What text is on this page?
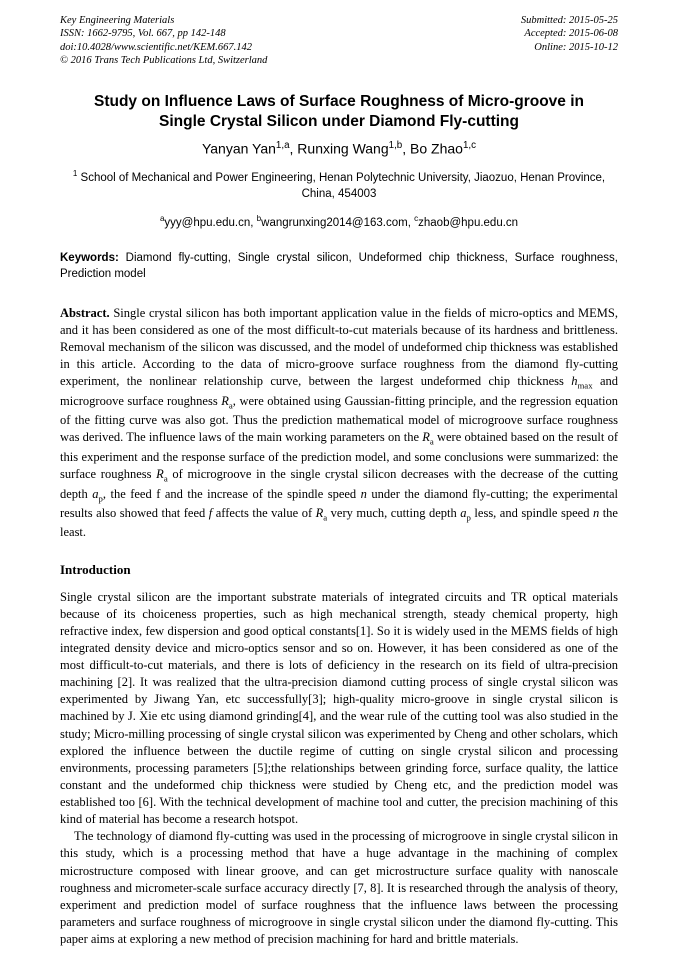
Key Engineering Materials
ISSN: 1662-9795, Vol. 667, pp 142-148
doi:10.4028/www.scientific.net/KEM.667.142
© 2016 Trans Tech Publications Ltd, Switzerland
Submitted: 2015-05-25
Accepted: 2015-06-08
Online: 2015-10-12
Study on Influence Laws of Surface Roughness of Micro-groove in
Single Crystal Silicon under Diamond Fly-cutting
Yanyan Yan$^{1,a}$, Runxing Wang$^{1,b}$, Bo Zhao$^{1,c}$
$^1$ School of Mechanical and Power Engineering, Henan Polytechnic University, Jiaozuo, Henan Province, China, 454003
$^a$yyy@hpu.edu.cn, $^b$wangrunxing2014@163.com, $^c$zhaob@hpu.edu.cn

Keywords: Diamond fly-cutting, Single crystal silicon, Undeformed chip thickness, Surface roughness, Prediction model

Abstract. Single crystal silicon has both important application value in the fields of micro-optics and MEMS, and it has been considered as one of the most difficult-to-cut materials because of its hardness and brittleness. Removal mechanism of the silicon was discussed, and the model of undeformed chip thickness was established in this article. According to the data of micro-groove surface roughness from the diamond fly-cutting experiment, the nonlinear relationship curve, between the largest undeformed chip thickness $h_{max}$ and microgroove surface roughness $R_a$, were obtained using Gaussian-fitting principle, and the regression equation of the fitting curve was also got. Thus the prediction mathematical model of microgroove surface roughness was derived. The influence laws of the main working parameters on the $R_a$ were obtained based on the result of this experiment and the response surface of the prediction model, and some conclusions were summarized: the surface roughness $R_a$ of microgroove in the single crystal silicon decreases with the decrease of the cutting depth $a_p$, the feed f and the increase of the spindle speed n under the diamond fly-cutting; the experimental results also showed that feed f affects the value of $R_a$ very much, cutting depth $a_p$ less, and spindle speed n the least.

Introduction

Single crystal silicon are the important substrate materials of integrated circuits and TR optical materials because of its choiceness properties, such as high mechanical strength, steady chemical property, high refractive index, few dispersion and good optical constants[1]. So it is widely used in the MEMS fields of high integrated density device and micro-optics sensor and so on. However, it has been considered as one of the most difficult-to-cut materials, and there is lots of deficiency in the research on its field of ultra-precision machining [2]. It was realized that the ultra-precision diamond cutting process of single crystal silicon was experimented by Jiwang Yan, etc successfully[3]; high-quality micro-groove in single crystal silicon is machined by J. Xie etc using diamond grinding[4], and the wear rule of the cutting tool was also studied in the study; Micro-milling processing of single crystal silicon was experimented by Cheng and other scholars, which explored the influence between the ductile regime of cutting on single crystal silicon and processing environments, processing parameters [5];the relationships between grinding force, surface quality, the lattice constant and the undeformed chip thickness were studied by Cheng etc, and the prediction model was established too [6]. With the technical development of machine tool and cutter, the precision machining of this kind of material has become a research hotspot.

The technology of diamond fly-cutting was used in the processing of microgroove in single crystal silicon in this study, which is a processing method that have a huge advantage in the machining of complex microstructure composed with linear groove, and can get microstructure surface quality with nanoscale roughness and micrometer-scale surface accuracy directly [7, 8]. It is researched through the analysis of theory, experiment and prediction model of surface roughness that the influence laws between the processing parameters and surface roughness of microgroove in single crystal silicon under the diamond fly-cutting. This paper aims at exploring a new method of precision machining for hard and brittle materials.
